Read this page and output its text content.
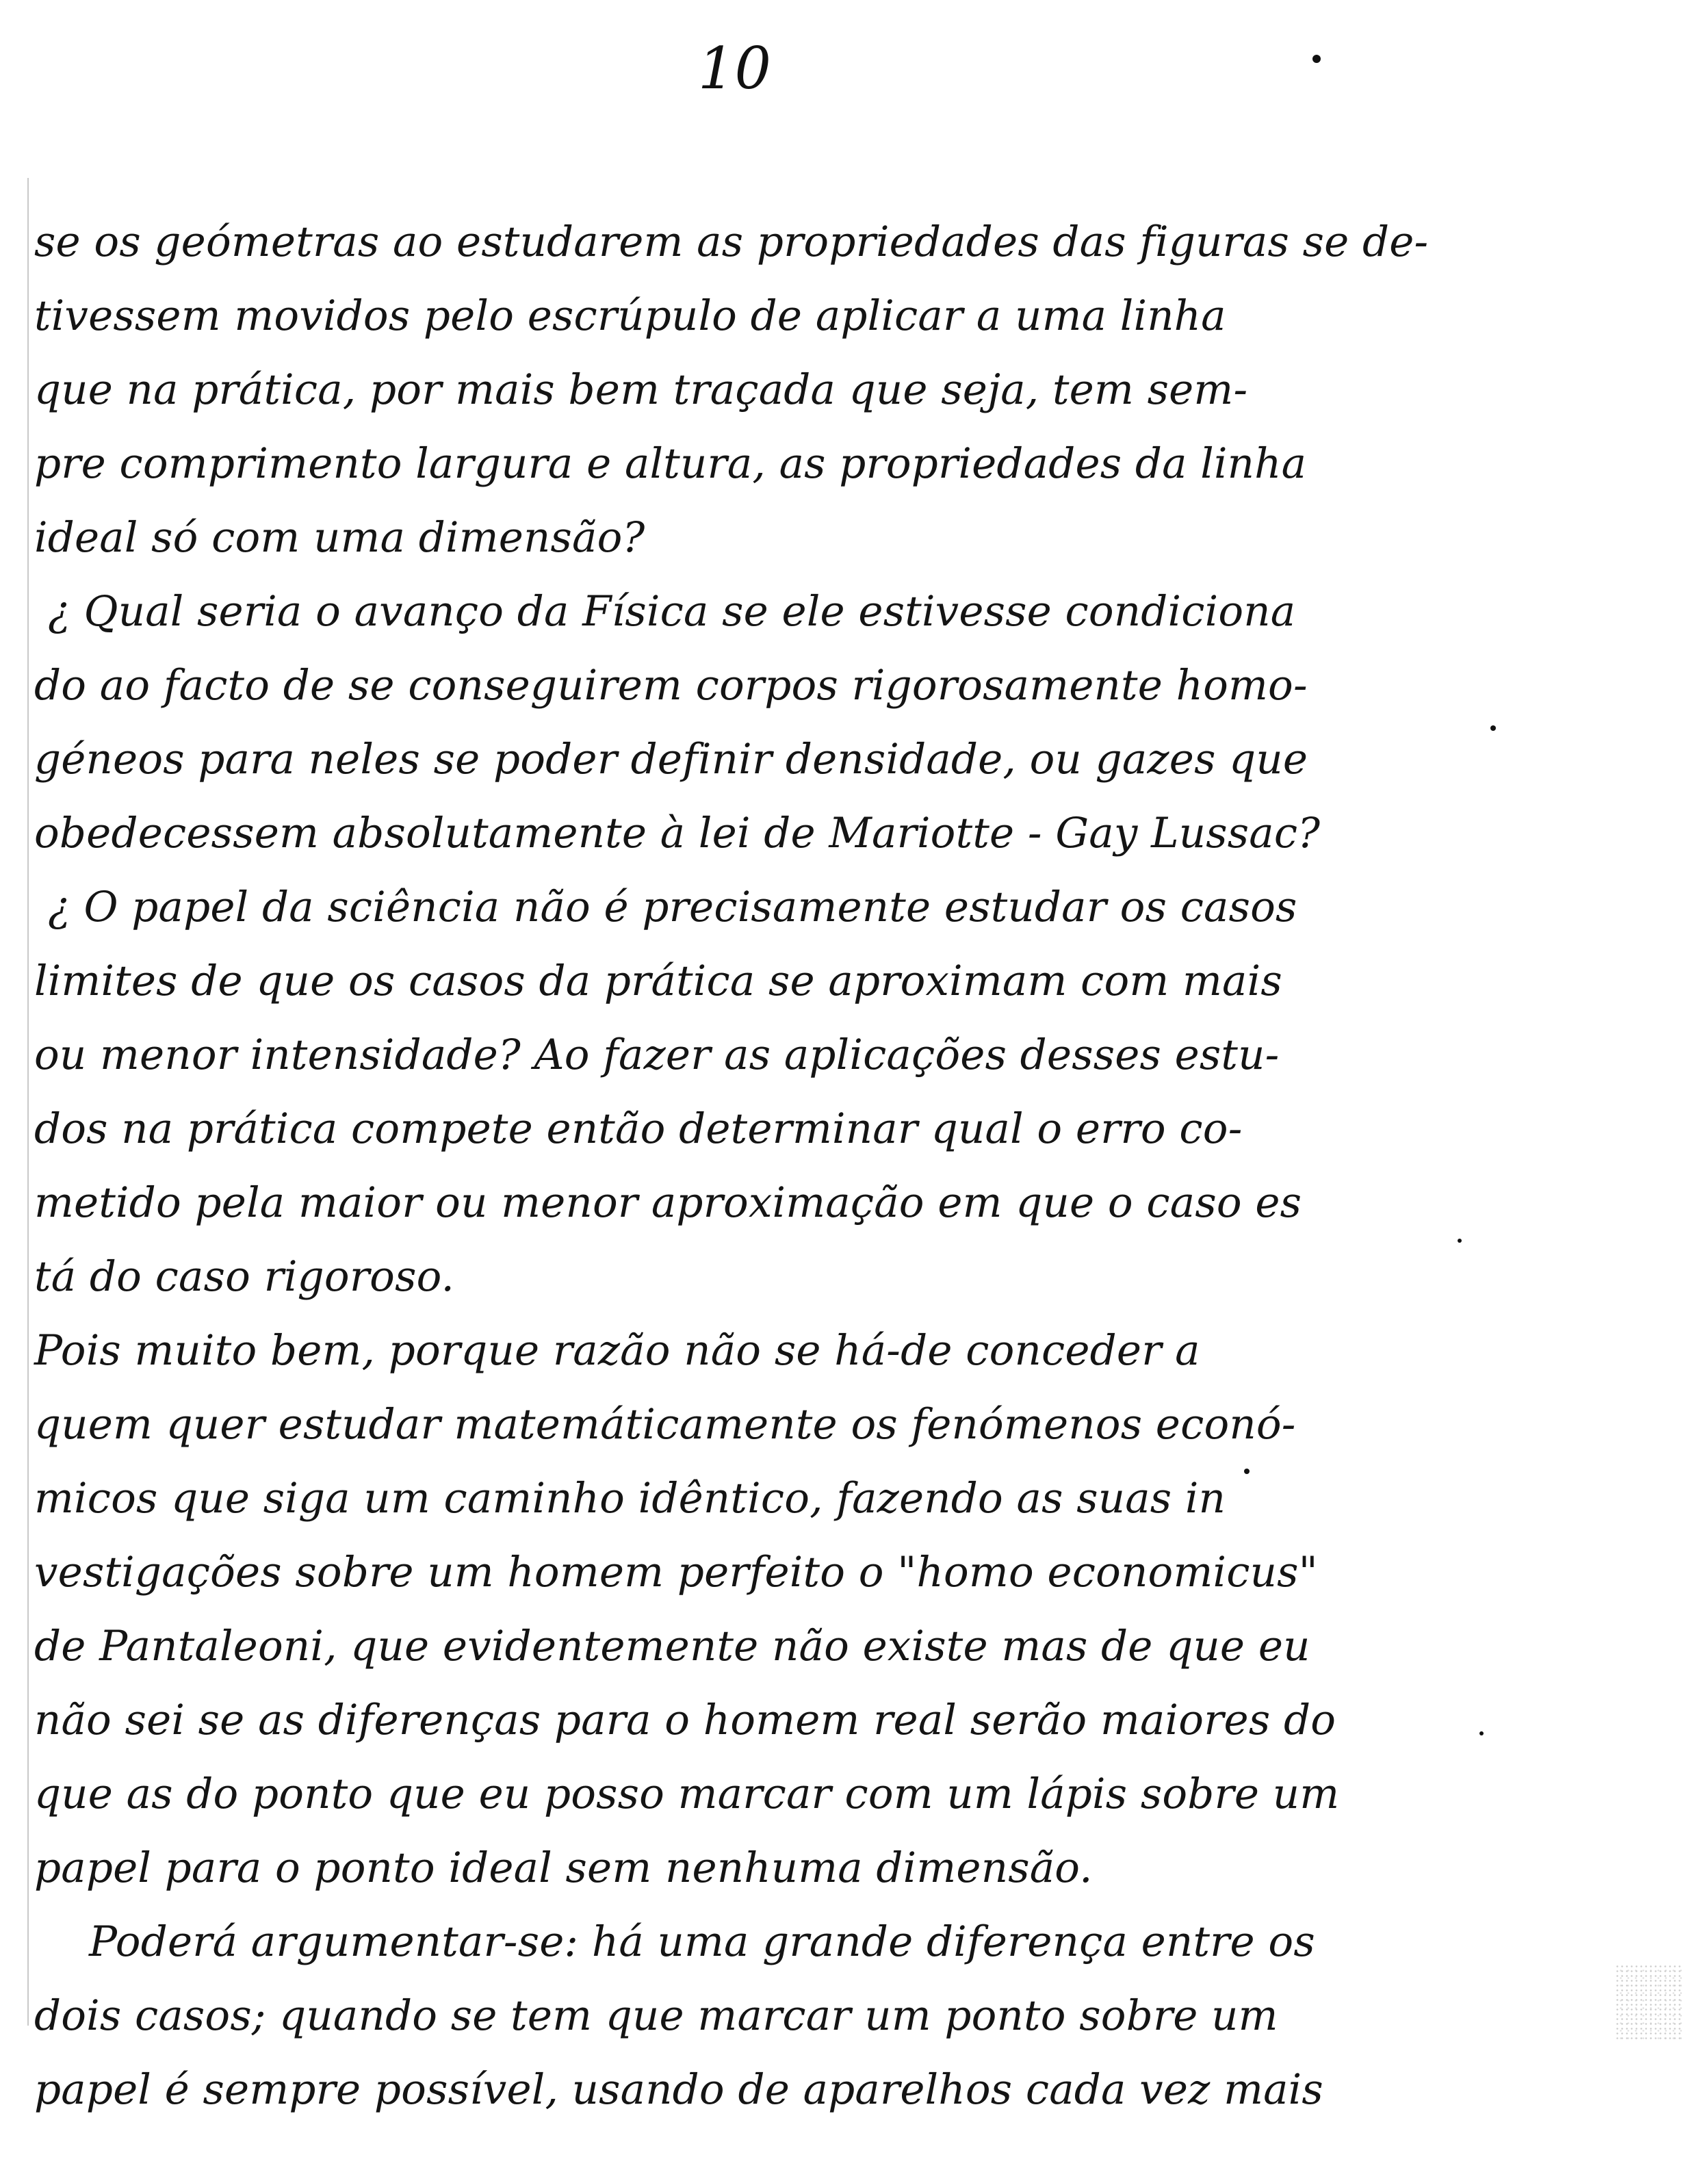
10
se os geómetras ao estudarem as propriedades das figuras se de-
tivessem movidos pelo escrúpulo de aplicar a uma linha
que na prática, por mais bem traçada que seja, tem sem-
pre comprimento largura e altura, as propriedades da linha
ideal só com uma dimensão?
¿ Qual seria o avanço da Física se ele estivesse condiciona
do ao facto de se conseguirem corpos rigorosamente homo-
géneos para neles se poder definir densidade, ou gazes que
obedecessem absolutamente à lei de Mariotte - Gay Lussac?
¿ O papel da sciência não é precisamente estudar os casos
limites de que os casos da prática se aproximam com mais
ou menor intensidade? Ao fazer as aplicações desses estu-
dos na prática compete então determinar qual o erro co-
metido pela maior ou menor aproximação em que o caso es
tá do caso rigoroso.
Pois muito bem, porque razão não se há-de conceder a
quem quer estudar matemáticamente os fenómenos econó-
micos que siga um caminho idêntico, fazendo as suas in
vestigações sobre um homem perfeito o "homo economicus"
de Pantaleoni, que evidentemente não existe mas de que eu
não sei se as diferenças para o homem real serão maiores do
que as do ponto que eu posso marcar com um lápis sobre um
papel para o ponto ideal sem nenhuma dimensão.
Poderá argumentar-se: há uma grande diferença entre os
dois casos; quando se tem que marcar um ponto sobre um
papel é sempre possível, usando de aparelhos cada vez mais
